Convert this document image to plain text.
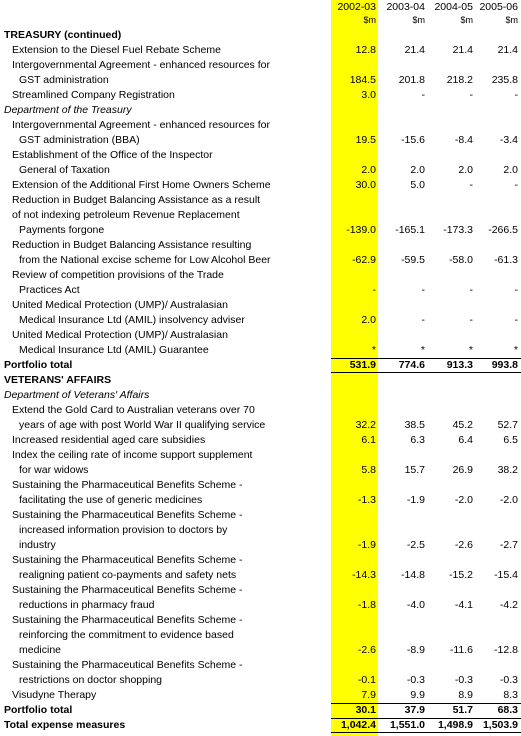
2002-03 2003-04 2004-05 2005-06
$m	$m	$m	$m
TREASURY (continued)
Extension to the Diesel Fuel Rebate Scheme	12.8	21.4	21.4	21.4
Intergovernmental Agreement - enhanced resources for
GST administration	184.5	201.8	218.2	235.8
Streamlined Company Registration	3.0	-	-	-
Department of the Treasury
Intergovernmental Agreement - enhanced resources for
GST administration (BBA)	19.5	-15.6	-8.4	-3.4
Establishment of the Office of the Inspector
General of Taxation	2.0	2.0	2.0	2.0
Extension of the Additional First Home Owners Scheme	30.0	5.0	-	-
Reduction in Budget Balancing Assistance as a result
of not indexing petroleum Revenue Replacement
Payments forgone	-139.0	-165.1	-173.3	-266.5
Reduction in Budget Balancing Assistance resulting
from the National excise scheme for Low Alcohol Beer	-62.9	-59.5	-58.0	-61.3
Review of competition provisions of the Trade
Practices Act	-	-	-	-
United Medical Protection (UMP)/ Australasian
Medical Insurance Ltd (AMIL) insolvency adviser	2.0	-	-	-
United Medical Protection (UMP)/ Australasian
Medical Insurance Ltd (AMIL) Guarantee	*	*	*	*
Portfolio total	531.9	774.6	913.3	993.8
VETERANS' AFFAIRS
Department of Veterans' Affairs
Extend the Gold Card to Australian veterans over 70
years of age with post World War II qualifying service	32.2	38.5	45.2	52.7
Increased residential aged care subsidies	6.1	6.3	6.4	6.5
Index the ceiling rate of income support supplement
for war widows	5.8	15.7	26.9	38.2
Sustaining the Pharmaceutical Benefits Scheme -
facilitating the use of generic medicines	-1.3	-1.9	-2.0	-2.0
Sustaining the Pharmaceutical Benefits Scheme -
increased information provision to doctors by
industry	-1.9	-2.5	-2.6	-2.7
Sustaining the Pharmaceutical Benefits Scheme -
realigning patient co-payments and safety nets	-14.3	-14.8	-15.2	-15.4
Sustaining the Pharmaceutical Benefits Scheme -
reductions in pharmacy fraud	-1.8	-4.0	-4.1	-4.2
Sustaining the Pharmaceutical Benefits Scheme -
reinforcing the commitment to evidence based
medicine	-2.6	-8.9	-11.6	-12.8
Sustaining the Pharmaceutical Benefits Scheme -
restrictions on doctor shopping	-0.1	-0.3	-0.3	-0.3
Visudyne Therapy	7.9	9.9	8.9	8.3
Portfolio total	30.1	37.9	51.7	68.3
Total expense measures	1,042.4	1,551.0	1,498.9 1,503.9
